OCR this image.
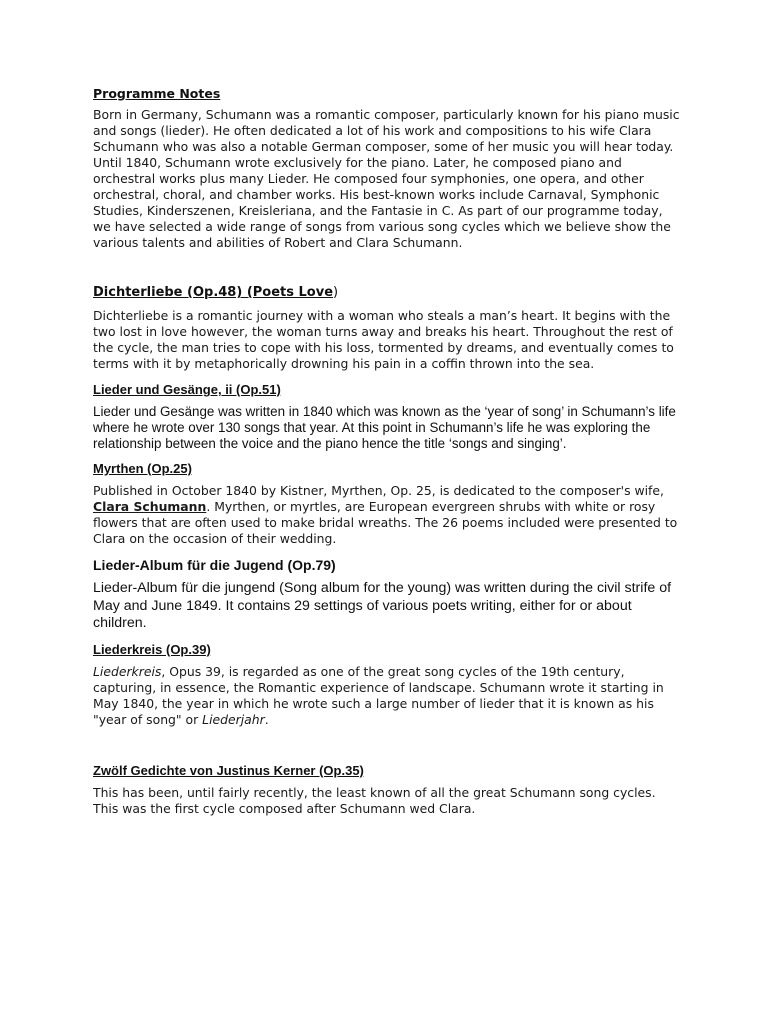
Programme Notes

Born in Germany, Schumann was a romantic composer, particularly known for his piano music and songs (lieder). He often dedicated a lot of his work and compositions to his wife Clara Schumann who was also a notable German composer, some of her music you will hear today. Until 1840, Schumann wrote exclusively for the piano. Later, he composed piano and orchestral works plus many Lieder. He composed four symphonies, one opera, and other orchestral, choral, and chamber works. His best-known works include Carnaval, Symphonic Studies, Kinderszenen, Kreisleriana, and the Fantasie in C. As part of our programme today, we have selected a wide range of songs from various song cycles which we believe show the various talents and abilities of Robert and Clara Schumann.

Dichterliebe (Op.48) (Poets Love)

Dichterliebe is a romantic journey with a woman who steals a man’s heart. It begins with the two lost in love however, the woman turns away and breaks his heart. Throughout the rest of the cycle, the man tries to cope with his loss, tormented by dreams, and eventually comes to terms with it by metaphorically drowning his pain in a coffin thrown into the sea.

Lieder und Gesänge, ii (Op.51)

Lieder und Gesänge was written in 1840 which was known as the ‘year of song’ in Schumann’s life where he wrote over 130 songs that year. At this point in Schumann’s life he was exploring the relationship between the voice and the piano hence the title ‘songs and singing’.

Myrthen (Op.25)

Published in October 1840 by Kistner, Myrthen, Op. 25, is dedicated to the composer's wife, Clara Schumann. Myrthen, or myrtles, are European evergreen shrubs with white or rosy flowers that are often used to make bridal wreaths. The 26 poems included were presented to Clara on the occasion of their wedding.

Lieder-Album für die Jugend (Op.79)

Lieder-Album für die jungend (Song album for the young) was written during the civil strife of May and June 1849. It contains 29 settings of various poets writing, either for or about children.

Liederkreis (Op.39)

Liederkreis, Opus 39, is regarded as one of the great song cycles of the 19th century, capturing, in essence, the Romantic experience of landscape. Schumann wrote it starting in May 1840, the year in which he wrote such a large number of lieder that it is known as his "year of song" or Liederjahr.

Zwölf Gedichte von Justinus Kerner (Op.35)

This has been, until fairly recently, the least known of all the great Schumann song cycles. This was the first cycle composed after Schumann wed Clara.
